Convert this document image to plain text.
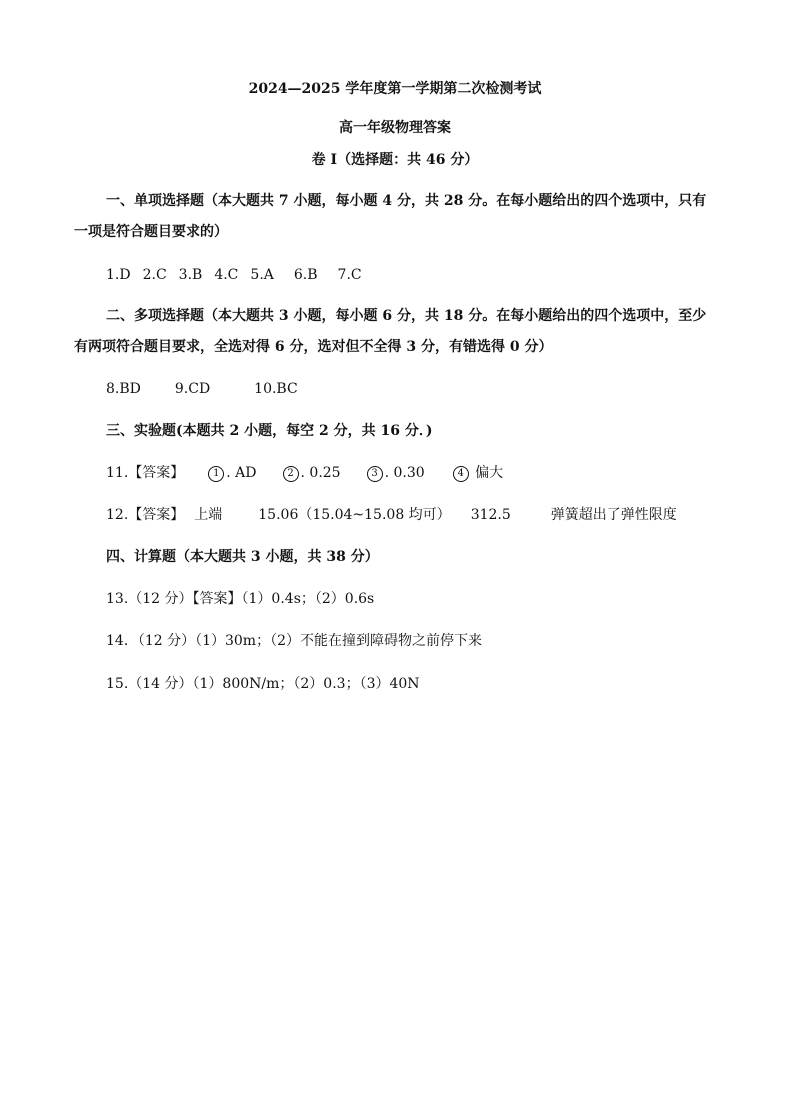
2024—2025 学年度第一学期第二次检测考试
高一年级物理答案
卷 I（选择题：共 46 分）
一、单项选择题（本大题共 7 小题，每小题 4 分，共 28 分。在每小题给出的四个选项中，只有
一项是符合题目要求的）
1.D 2.C 3.B 4.C 5.A 6.B 7.C
二、多项选择题（本大题共 3 小题，每小题 6 分，共 18 分。在每小题给出的四个选项中，至少
有两项符合题目要求，全选对得 6 分，选对但不全得 3 分，有错选得 0 分）
8.BD 9.CD	10.BC
三、实验题(本题共 2 小题，每空 2 分，共 16 分．)
11.【答案】	1 . AD	2 . 0.25	3 . 0.30	4 偏大
12.【答案】 上端	15.06（15.04~15.08 均可） 312.5	弹簧超出了弹性限度
四、计算题（本大题共 3 小题，共 38 分）
13.（12 分）【答案】（1）0.4s；（2）0.6s
14．（12 分）（1）30m；（2）不能在撞到障碍物之前停下来
15.（14 分）（1）800N/m；（2）0.3；（3）40N
